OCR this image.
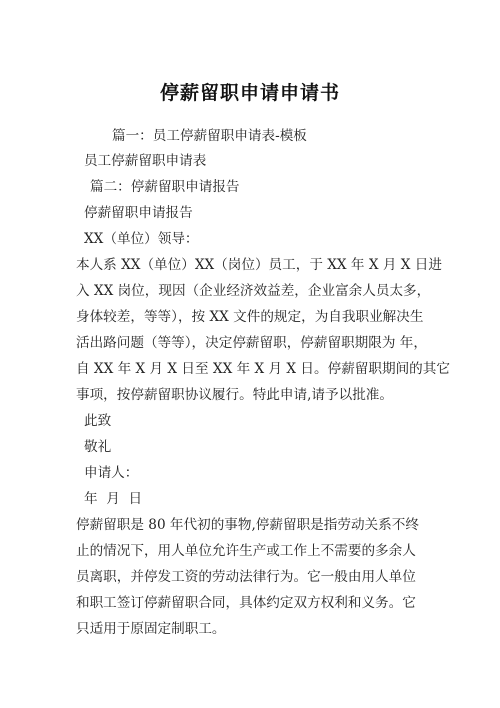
停薪留职申请申请书
篇一：员工停薪留职申请表-模板
员工停薪留职申请表
篇二：停薪留职申请报告
停薪留职申请报告
XX（单位）领导：
本人系 XX（单位）XX（岗位）员工，于 XX 年 X 月 X 日进
入 XX 岗位，现因（企业经济效益差，企业富余人员太多，
身体较差，等等），按 XX 文件的规定，为自我职业解决生
活出路问题（等等），决定停薪留职，停薪留职期限为 年，
自 XX 年 X 月 X 日至 XX 年 X 月 X 日。停薪留职期间的其它
事项，按停薪留职协议履行。特此申请,请予以批准。
此致
敬礼
申请人：
年  月  日
停薪留职是 80 年代初的事物,停薪留职是指劳动关系不终
止的情况下，用人单位允许生产或工作上不需要的多余人
员离职，并停发工资的劳动法律行为。它一般由用人单位
和职工签订停薪留职合同，具体约定双方权利和义务。它
只适用于原固定制职工。
